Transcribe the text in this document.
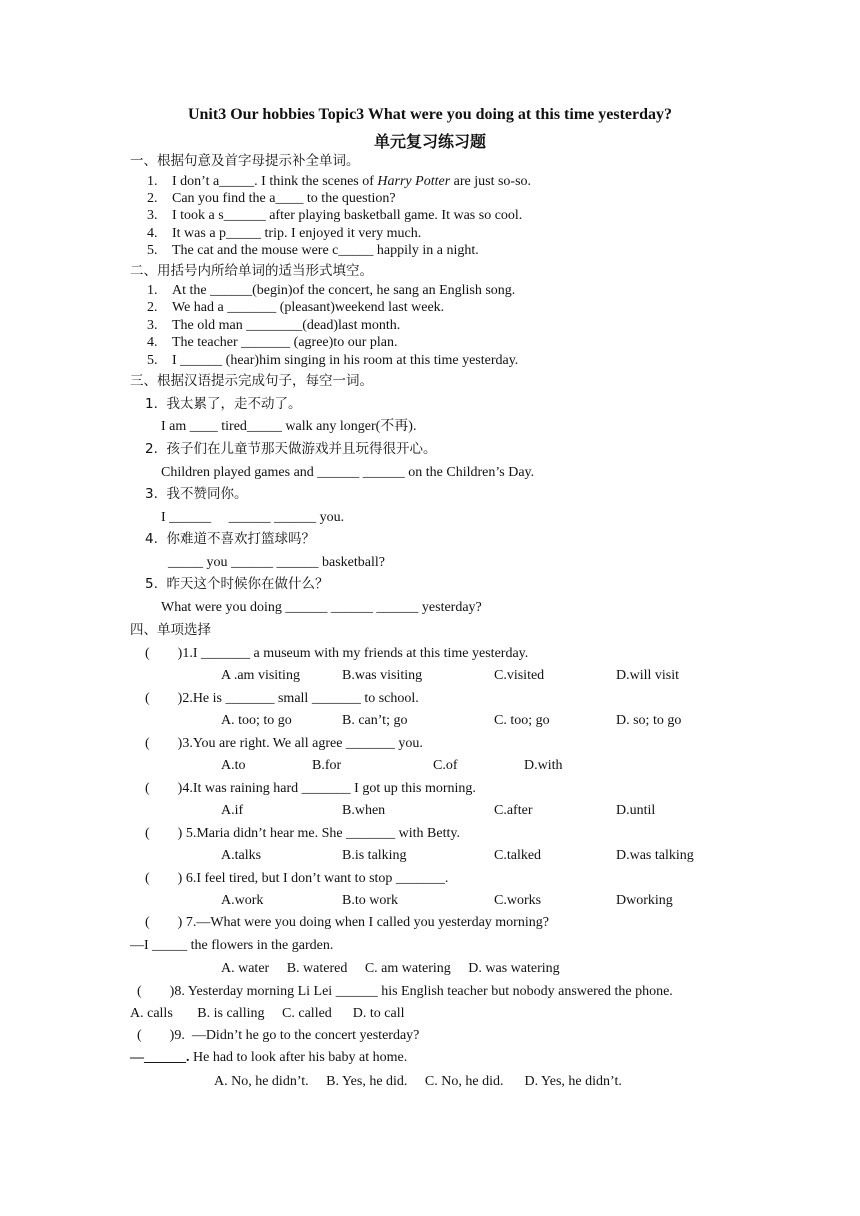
Unit3 Our hobbies Topic3 What were you doing at this time yesterday?
单元复习练习题
一、根据句意及首字母提示补全单词。
1. I don’t a_____. I think the scenes of Harry Potter are just so-so.
2. Can you find the a____ to the question?
3. I took a s______ after playing basketball game. It was so cool.
4. It was a p_____ trip. I enjoyed it very much.
5. The cat and the mouse were c_____ happily in a night.
二、用括号内所给单词的适当形式填空。
1. At the ______(begin)of the concert, he sang an English song.
2. We had a _______ (pleasant)weekend last week.
3. The old man ________(dead)last month.
4. The teacher _______ (agree)to our plan.
5. I ______ (hear)him singing in his room at this time yesterday.
三、根据汉语提示完成句子，每空一词。
1.  我太累了，走不动了。
I am ____ tired_____ walk any longer(不再).
2.  孩子们在儿童节那天做游戏并且玩得很开心。
Children played games and ______ ______ on the Children’s Day.
3.  我不赞同你。
I ______     ______ ______ you.
4.  你难道不喜欢打篮球吗？
_____ you ______ ______ basketball?
5.  昨天这个时候你在做什么？
What were you doing ______ ______ ______ yesterday?
四、单项选择
(        )1.I _______ a museum with my friends at this time yesterday.
A .am visiting	B.was visiting	C.visited	D.will visit
(        )2.He is _______ small _______ to school.
A. too; to go	B. can’t; go	C. too; go	D. so; to go
(        )3.You are right. We all agree _______ you.
A.to	B.for	C.of	D.with
(        )4.It was raining hard _______ I got up this morning.
A.if	B.when	C.after	D.until
(        ) 5.Maria didn’t hear me. She _______ with Betty.
A.talks	B.is talking	C.talked	D.was talking
(        ) 6.I feel tired, but I don’t want to stop _______.
A.work	B.to work	C.works	Dworking
(        ) 7.—What were you doing when I called you yesterday morning?
—I _____ the flowers in the garden.
A. water     B. watered     C. am watering     D. was watering
(        )8. Yesterday morning Li Lei ______ his English teacher but nobody answered the phone.
A. calls       B. is calling     C. called      D. to call
(        )9.  —Didn’t he go to the concert yesterday?
—______. He had to look after his baby at home.
A. No, he didn’t.     B. Yes, he did.     C. No, he did.      D. Yes, he didn’t.
